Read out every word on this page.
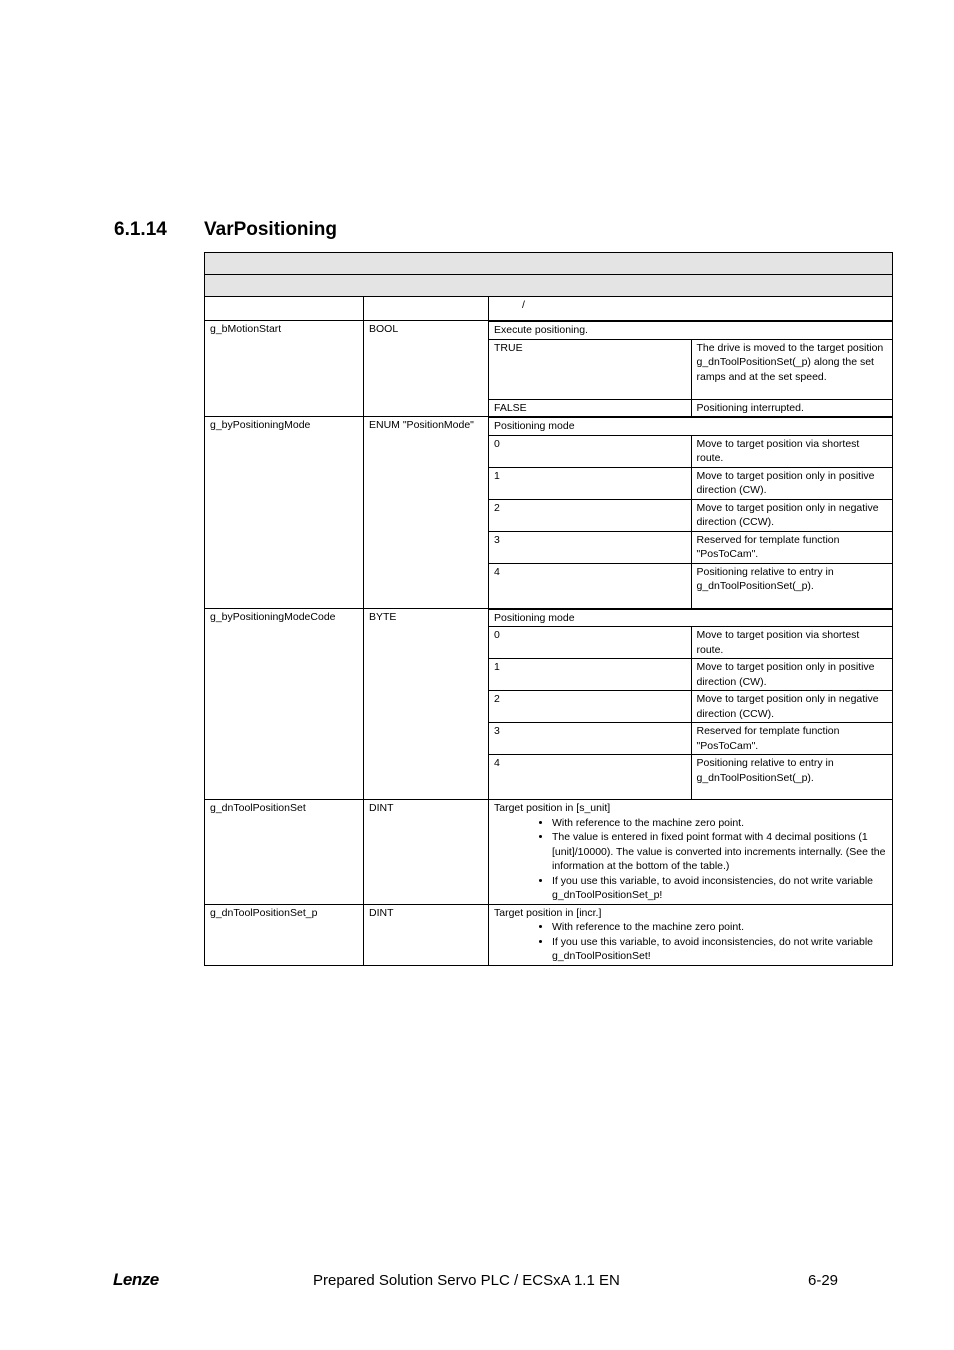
6.1.14 VarPositioning

		/
g_bMotionStart	BOOL		Execute positioning.
TRUE	The drive is moved to the target position g_dnToolPositionSet(_p) along the set ramps and at the set speed.
FALSE	Positioning interrupted.

g_byPositioningMode	ENUM "PositionMode"	Positioning mode
0	Move to target position via shortest route.
1	Move to target position only in positive direction (CW).
2	Move to target position only in negative direction (CCW).
3	Reserved for template function "PosToCam".
4	Positioning relative to entry in g_dnToolPositionSet(_p).

g_byPositioningModeCode	BYTE		Positioning mode
0	Move to target position via shortest route.
1	Move to target position only in positive direction (CW).
2	Move to target position only in negative direction (CCW).
3	Reserved for template function "PosToCam".
4	Positioning relative to entry in g_dnToolPositionSet(_p).

g_dnToolPositionSet	DINT	Target position in [s_unit]
• With reference to the machine zero point.
• The value is entered in fixed point format with 4 decimal positions (1 [unit]/10000). The value is converted into increments internally. (See the information at the bottom of the table.)
• If you use this variable, to avoid inconsistencies, do not write variable g_dnToolPositionSet_p!

g_dnToolPositionSet_p	DINT	Target position in [incr.]
• With reference to the machine zero point.
• If you use this variable, to avoid inconsistencies, do not write variable g_dnToolPositionSet!
Lenze	Prepared Solution Servo PLC / ECSxA 1.1 EN	6-29
